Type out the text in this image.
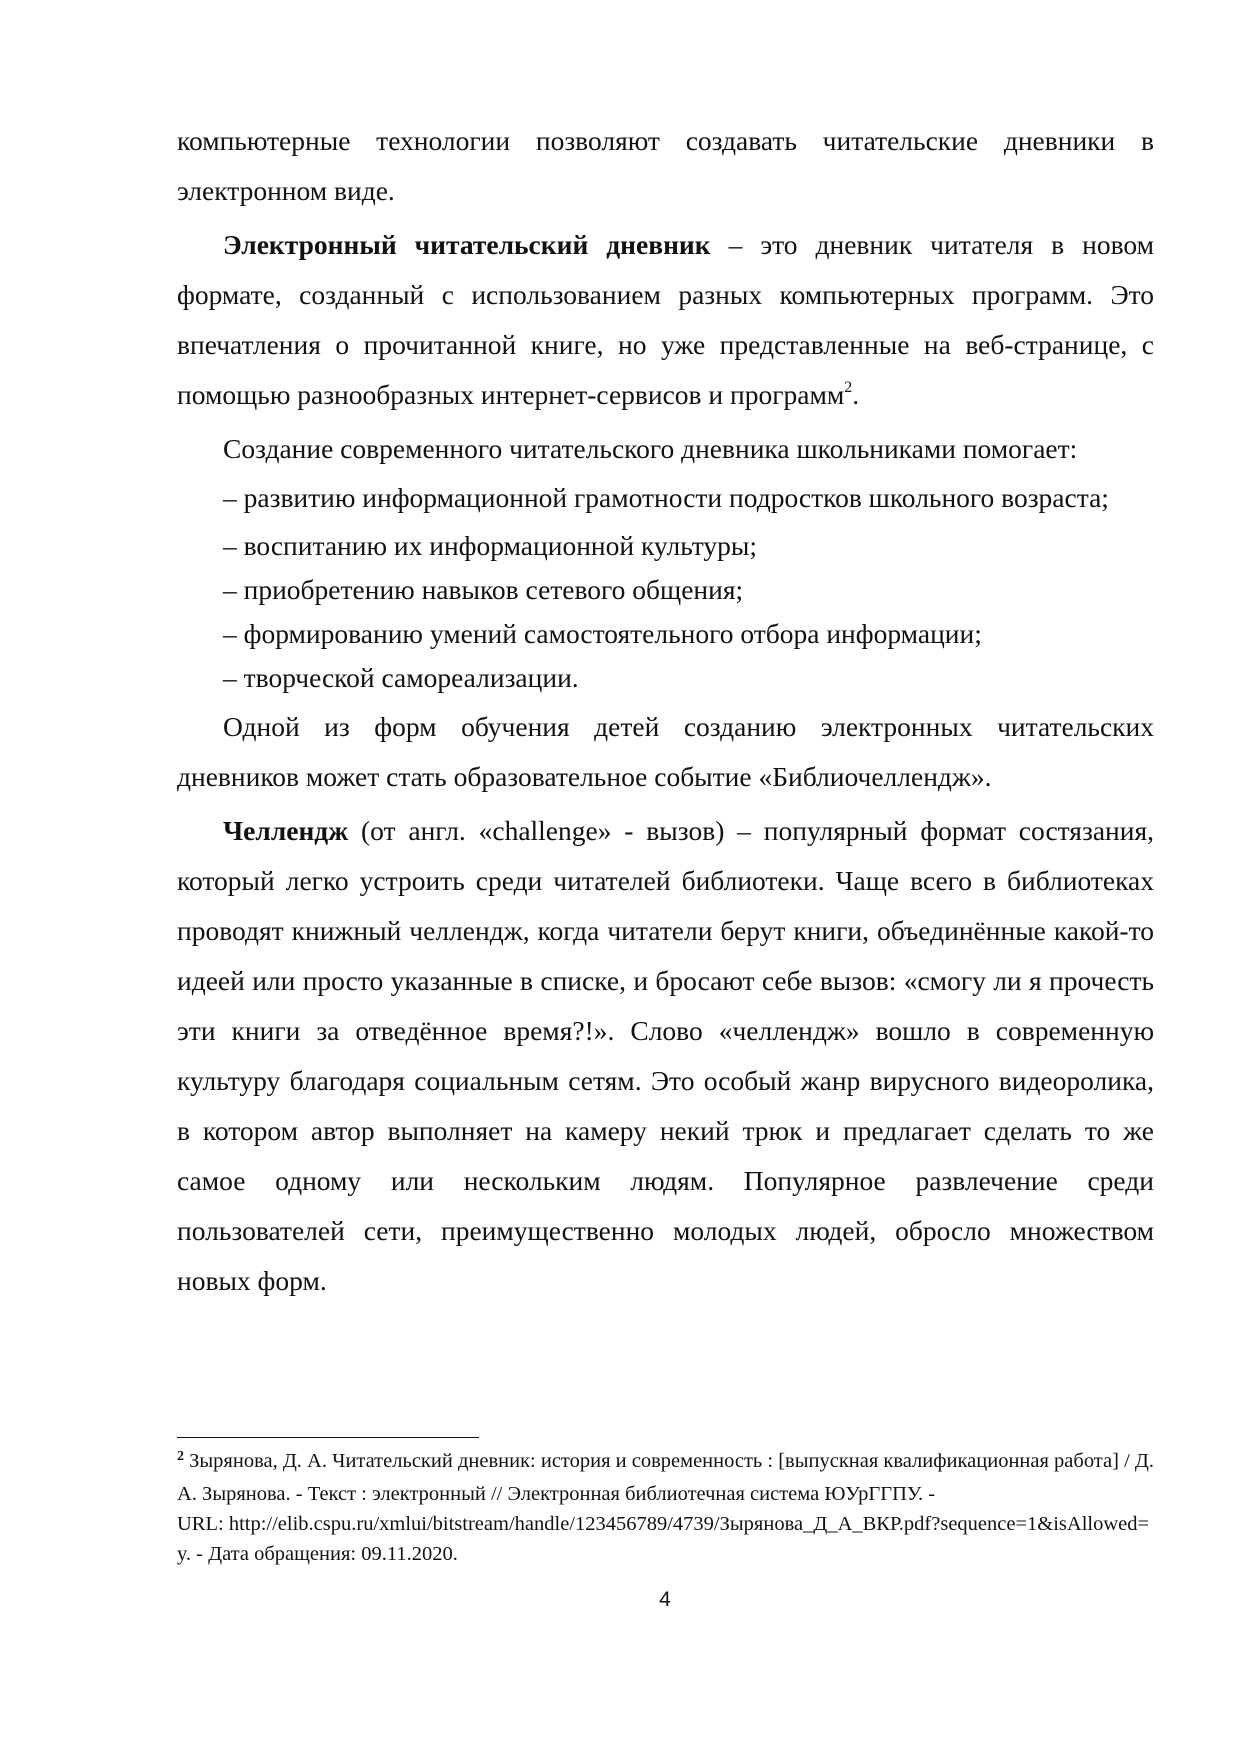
компьютерные технологии позволяют создавать читательские дневники в электронном виде.

Электронный читательский дневник – это дневник читателя в новом формате, созданный с использованием разных компьютерных программ. Это впечатления о прочитанной книге, но уже представленные на веб-странице, с помощью разнообразных интернет-сервисов и программ$^2$.

Создание современного читательского дневника школьниками помогает:

– развитию информационной грамотности подростков школьного возраста;

– воспитанию их информационной культуры;

– приобретению навыков сетевого общения;

– формированию умений самостоятельного отбора информации;

– творческой самореализации.

Одной из форм обучения детей созданию электронных читательских дневников может стать образовательное событие «Библиочеллендж».

Челлендж (от англ. «challenge» - вызов) – популярный формат состязания, который легко устроить среди читателей библиотеки. Чаще всего в библиотеках проводят книжный челлендж, когда читатели берут книги, объединённые какой-то идеей или просто указанные в списке, и бросают себе вызов: «смогу ли я прочесть эти книги за отведённое время?!». Слово «челлендж» вошло в современную культуру благодаря социальным сетям. Это особый жанр вирусного видеоролика, в котором автор выполняет на камеру некий трюк и предлагает сделать то же самое одному или нескольким людям. Популярное развлечение среди пользователей сети, преимущественно молодых людей, обросло множеством новых форм.

$^2$ Зырянова, Д. А. Читательский дневник: история и современность : [выпускная квалификационная работа] / Д. А. Зырянова. - Текст : электронный // Электронная библиотечная система ЮУрГГПУ. -

URL: http://elib.cspu.ru/xmlui/bitstream/handle/123456789/4739/Зырянова_Д_А_ВКР.pdf?sequence=1&isAllowed=y. - Дата обращения: 09.11.2020.

4
